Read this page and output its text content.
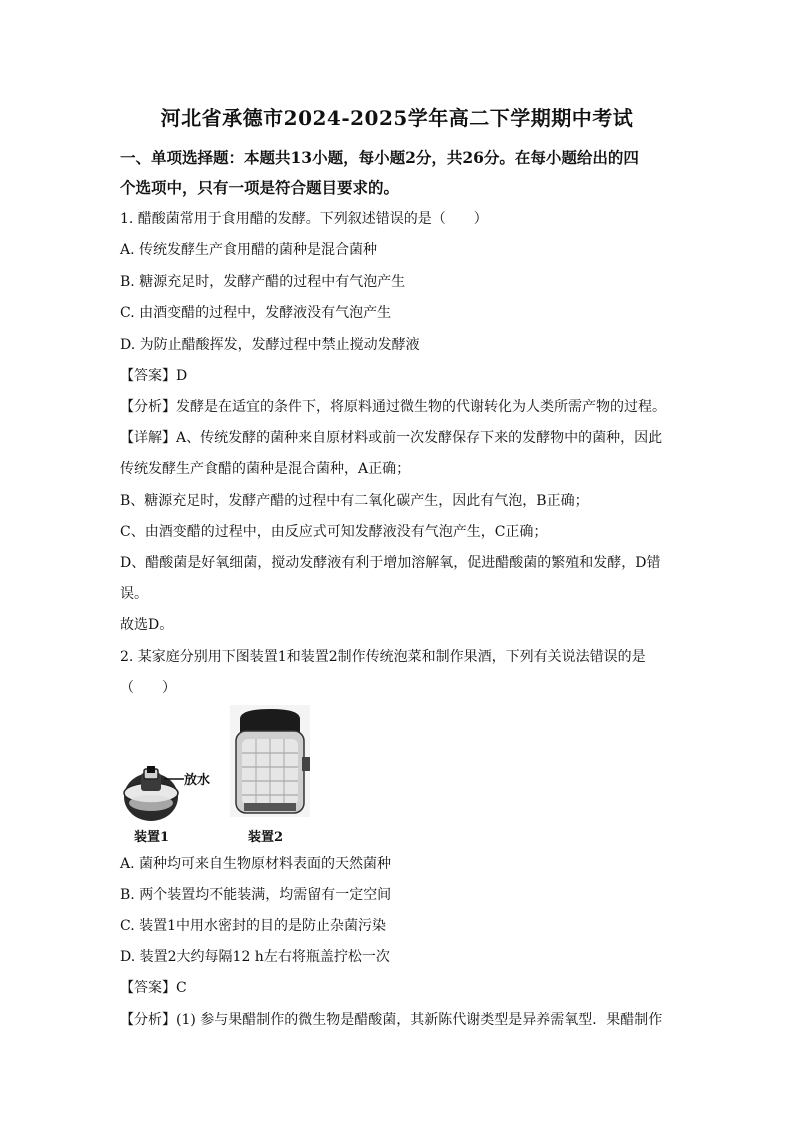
河北省承德市2024-2025学年高二下学期期中考试
一、单项选择题：本题共13小题，每小题2分，共26分。在每小题给出的四
个选项中，只有一项是符合题目要求的。
1. 醋酸菌常用于食用醋的发酵。下列叙述错误的是（　　）
A. 传统发酵生产食用醋的菌种是混合菌种
B. 糖源充足时，发酵产醋的过程中有气泡产生
C. 由酒变醋的过程中，发酵液没有气泡产生
D. 为防止醋酸挥发，发酵过程中禁止搅动发酵液
【答案】D
【分析】发酵是在适宜的条件下，将原料通过微生物的代谢转化为人类所需产物的过程。
【详解】A、传统发酵的菌种来自原材料或前一次发酵保存下来的发酵物中的菌种，因此
传统发酵生产食醋的菌种是混合菌种，A正确；
B、糖源充足时，发酵产醋的过程中有二氧化碳产生，因此有气泡，B正确；
C、由酒变醋的过程中，由反应式可知发酵液没有气泡产生，C正确；
D、醋酸菌是好氧细菌，搅动发酵液有利于增加溶解氧，促进醋酸菌的繁殖和发酵，D错
误。
故选D。
2. 某家庭分别用下图装置1和装置2制作传统泡菜和制作果酒，下列有关说法错误的是
（　　）
放水
装置1	装置2
A. 菌种均可来自生物原材料表面的天然菌种
B. 两个装置均不能装满，均需留有一定空间
C. 装置1中用水密封的目的是防止杂菌污染
D. 装置2大约每隔12 h左右将瓶盖拧松一次
【答案】C
【分析】(1) 参与果醋制作的微生物是醋酸菌，其新陈代谢类型是异养需氧型．果醋制作
